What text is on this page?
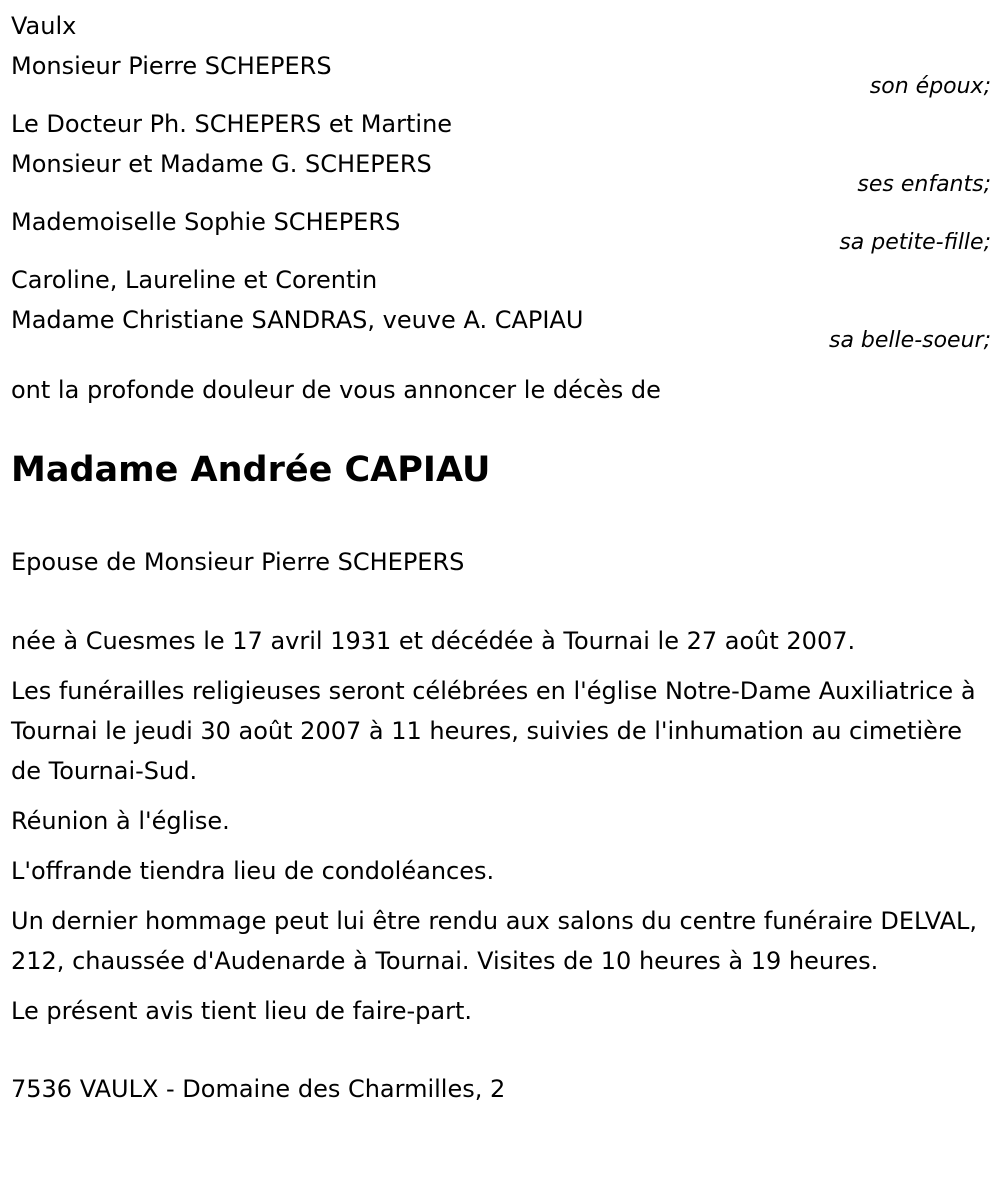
Vaulx
Monsieur Pierre SCHEPERS
son époux;
Le Docteur Ph. SCHEPERS et Martine
Monsieur et Madame G. SCHEPERS
ses enfants;
Mademoiselle Sophie SCHEPERS
sa petite-fille;
Caroline, Laureline et Corentin
Madame Christiane SANDRAS, veuve A. CAPIAU
sa belle-soeur;
ont la profonde douleur de vous annoncer le décès de
Madame Andrée CAPIAU
Epouse de Monsieur Pierre SCHEPERS
née à Cuesmes le 17 avril 1931 et décédée à Tournai le 27 août 2007.
Les funérailles religieuses seront célébrées en l'église Notre-Dame Auxiliatrice à Tournai le jeudi 30 août 2007 à 11 heures, suivies de l'inhumation au cimetière de Tournai-Sud.
Réunion à l'église.
L'offrande tiendra lieu de condoléances.
Un dernier hommage peut lui être rendu aux salons du centre funéraire DELVAL, 212, chaussée d'Audenarde à Tournai. Visites de 10 heures à 19 heures.
Le présent avis tient lieu de faire-part.
7536 VAULX - Domaine des Charmilles, 2
